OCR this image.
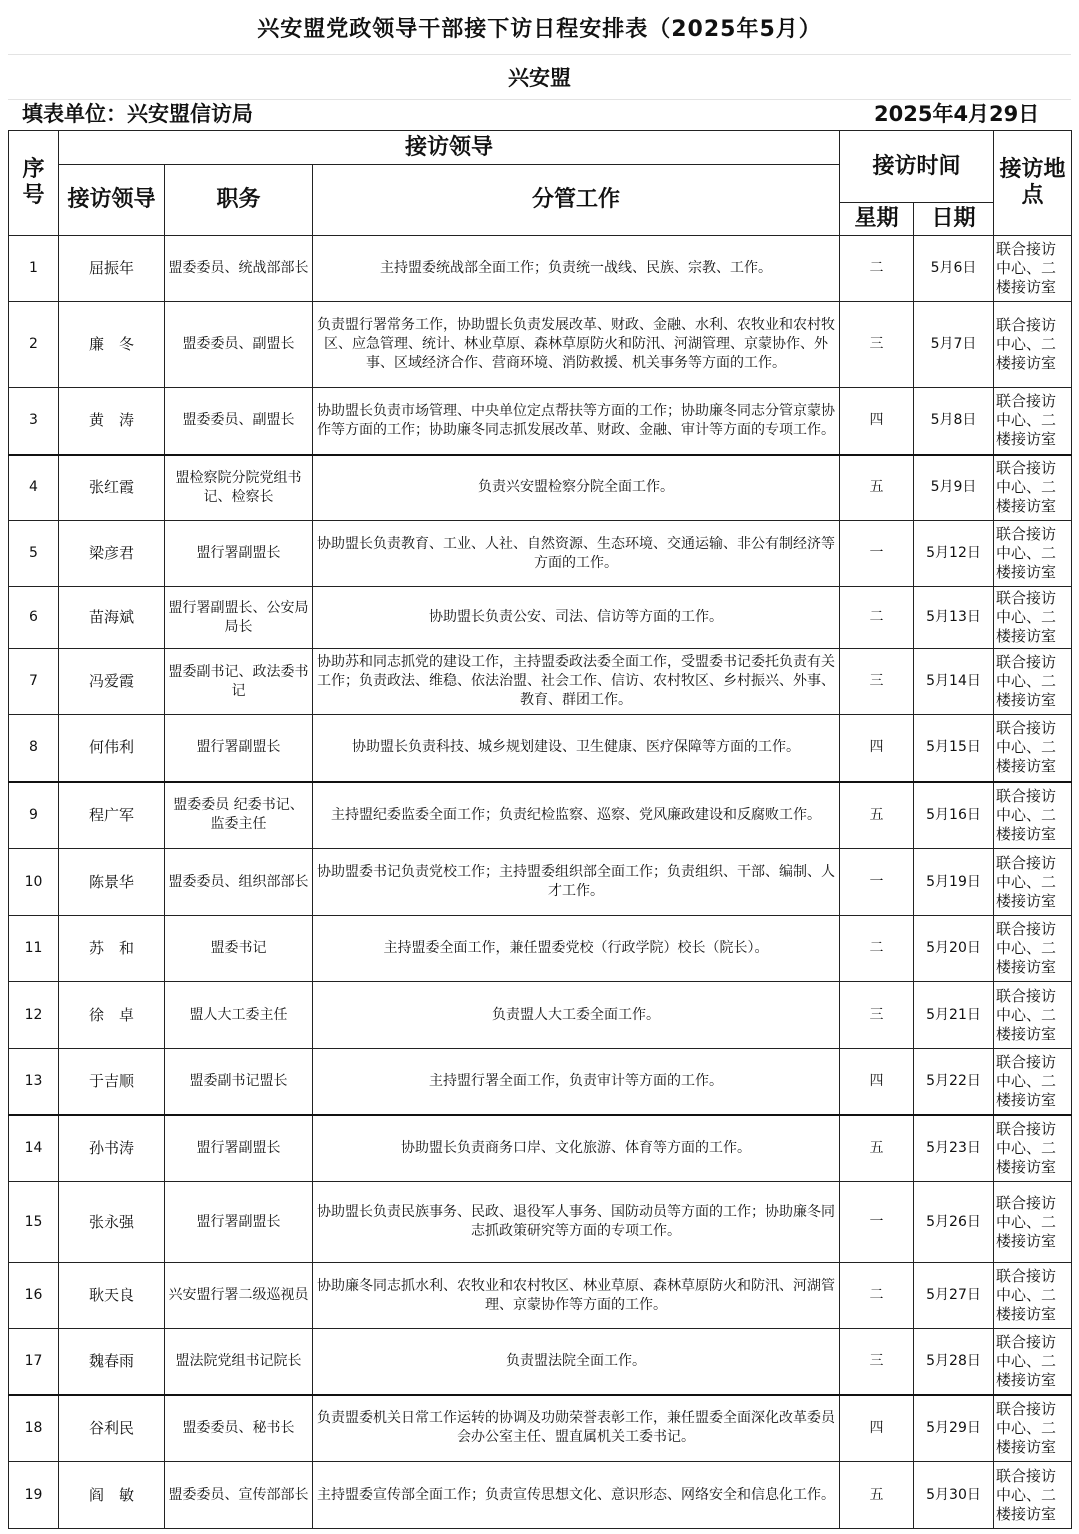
兴安盟党政领导干部接下访日程安排表（2025年5月）
兴安盟
填表单位：兴安盟信访局	2025年4月29日
序号	接访领导			接访时间		接访地点
	接访领导	职务	分管工作			
				星期	日期	
1	屈振年	盟委委员、统战部部长	主持盟委统战部全面工作；负责统一战线、民族、宗教、工作。	二	5月6日	联合接访中心、二楼接访室
2	廉　冬	盟委委员、副盟长	负责盟行署常务工作，协助盟长负责发展改革、财政、金融、水利、农牧业和农村牧区、应急管理、统计、林业草原、森林草原防火和防汛、河湖管理、京蒙协作、外事、区域经济合作、营商环境、消防救援、机关事务等方面的工作。	三	5月7日	联合接访中心、二楼接访室
3	黄　涛	盟委委员、副盟长	协助盟长负责市场管理、中央单位定点帮扶等方面的工作；协助廉冬同志分管京蒙协作等方面的工作；协助廉冬同志抓发展改革、财政、金融、审计等方面的专项工作。	四	5月8日	联合接访中心、二楼接访室
4	张红霞	盟检察院分院党组书记、检察长	负责兴安盟检察分院全面工作。	五	5月9日	联合接访中心、二楼接访室
5	梁彦君	盟行署副盟长	协助盟长负责教育、工业、人社、自然资源、生态环境、交通运输、非公有制经济等方面的工作。	一	5月12日	联合接访中心、二楼接访室
6	苗海斌	盟行署副盟长、公安局局长	协助盟长负责公安、司法、信访等方面的工作。	二	5月13日	联合接访中心、二楼接访室
7	冯爱霞	盟委副书记、政法委书记	协助苏和同志抓党的建设工作，主持盟委政法委全面工作，受盟委书记委托负责有关工作；负责政法、维稳、依法治盟、社会工作、信访、农村牧区、乡村振兴、外事、教育、群团工作。	三	5月14日	联合接访中心、二楼接访室
8	何伟利	盟行署副盟长	协助盟长负责科技、城乡规划建设、卫生健康、医疗保障等方面的工作。	四	5月15日	联合接访中心、二楼接访室
9	程广军	盟委委员 纪委书记、监委主任	主持盟纪委监委全面工作；负责纪检监察、巡察、党风廉政建设和反腐败工作。	五	5月16日	联合接访中心、二楼接访室
10	陈景华	盟委委员、组织部部长	协助盟委书记负责党校工作；主持盟委组织部全面工作；负责组织、干部、编制、人才工作。	一	5月19日	联合接访中心、二楼接访室
11	苏　和	盟委书记	主持盟委全面工作，兼任盟委党校（行政学院）校长（院长）。	二	5月20日	联合接访中心、二楼接访室
12	徐　卓	盟人大工委主任	负责盟人大工委全面工作。	三	5月21日	联合接访中心、二楼接访室
13	于吉顺	盟委副书记盟长	主持盟行署全面工作，负责审计等方面的工作。	四	5月22日	联合接访中心、二楼接访室
14	孙书涛	盟行署副盟长	协助盟长负责商务口岸、文化旅游、体育等方面的工作。	五	5月23日	联合接访中心、二楼接访室
15	张永强	盟行署副盟长	协助盟长负责民族事务、民政、退役军人事务、国防动员等方面的工作；协助廉冬同志抓政策研究等方面的专项工作。	一	5月26日	联合接访中心、二楼接访室
16	耿天良	兴安盟行署二级巡视员	协助廉冬同志抓水利、农牧业和农村牧区、林业草原、森林草原防火和防汛、河湖管理、京蒙协作等方面的工作。	二	5月27日	联合接访中心、二楼接访室
17	魏春雨	盟法院党组书记院长	负责盟法院全面工作。	三	5月28日	联合接访中心、二楼接访室
18	谷利民	盟委委员、秘书长	负责盟委机关日常工作运转的协调及功勋荣誉表彰工作，兼任盟委全面深化改革委员会办公室主任、盟直属机关工委书记。	四	5月29日	联合接访中心、二楼接访室
19	阎　敏	盟委委员、宣传部部长	主持盟委宣传部全面工作；负责宣传思想文化、意识形态、网络安全和信息化工作。	五	5月30日	联合接访中心、二楼接访室
